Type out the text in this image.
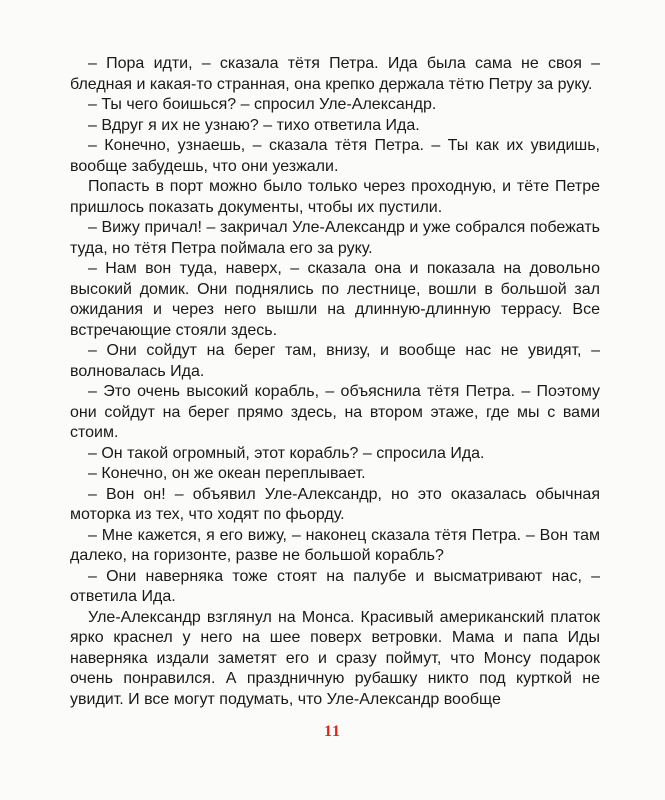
– Пора идти, – сказала тётя Петра. Ида была сама не своя – бледная и какая-то странная, она крепко держала тётю Петру за руку.

– Ты чего боишься? – спросил Уле-Александр.

– Вдруг я их не узнаю? – тихо ответила Ида.

– Конечно, узнаешь, – сказала тётя Петра. – Ты как их увидишь, вообще забудешь, что они уезжали.

Попасть в порт можно было только через проходную, и тёте Петре пришлось показать документы, чтобы их пустили.

– Вижу причал! – закричал Уле-Александр и уже собрался побежать туда, но тётя Петра поймала его за руку.

– Нам вон туда, наверх, – сказала она и показала на довольно высокий домик. Они поднялись по лестнице, вошли в большой зал ожидания и через него вышли на длинную-длинную террасу. Все встречающие стояли здесь.

– Они сойдут на берег там, внизу, и вообще нас не увидят, – волновалась Ида.

– Это очень высокий корабль, – объяснила тётя Петра. – Поэтому они сойдут на берег прямо здесь, на втором этаже, где мы с вами стоим.

– Он такой огромный, этот корабль? – спросила Ида.

– Конечно, он же океан переплывает.

– Вон он! – объявил Уле-Александр, но это оказалась обычная моторка из тех, что ходят по фьорду.

– Мне кажется, я его вижу, – наконец сказала тётя Петра. – Вон там далеко, на горизонте, разве не большой корабль?

– Они наверняка тоже стоят на палубе и высматривают нас, – ответила Ида.

Уле-Александр взглянул на Монса. Красивый американский платок ярко краснел у него на шее поверх ветровки. Мама и папа Иды наверняка издали заметят его и сразу поймут, что Монсу подарок очень понравился. А праздничную рубашку никто под курткой не увидит. И все могут подумать, что Уле-Александр вообще

11
